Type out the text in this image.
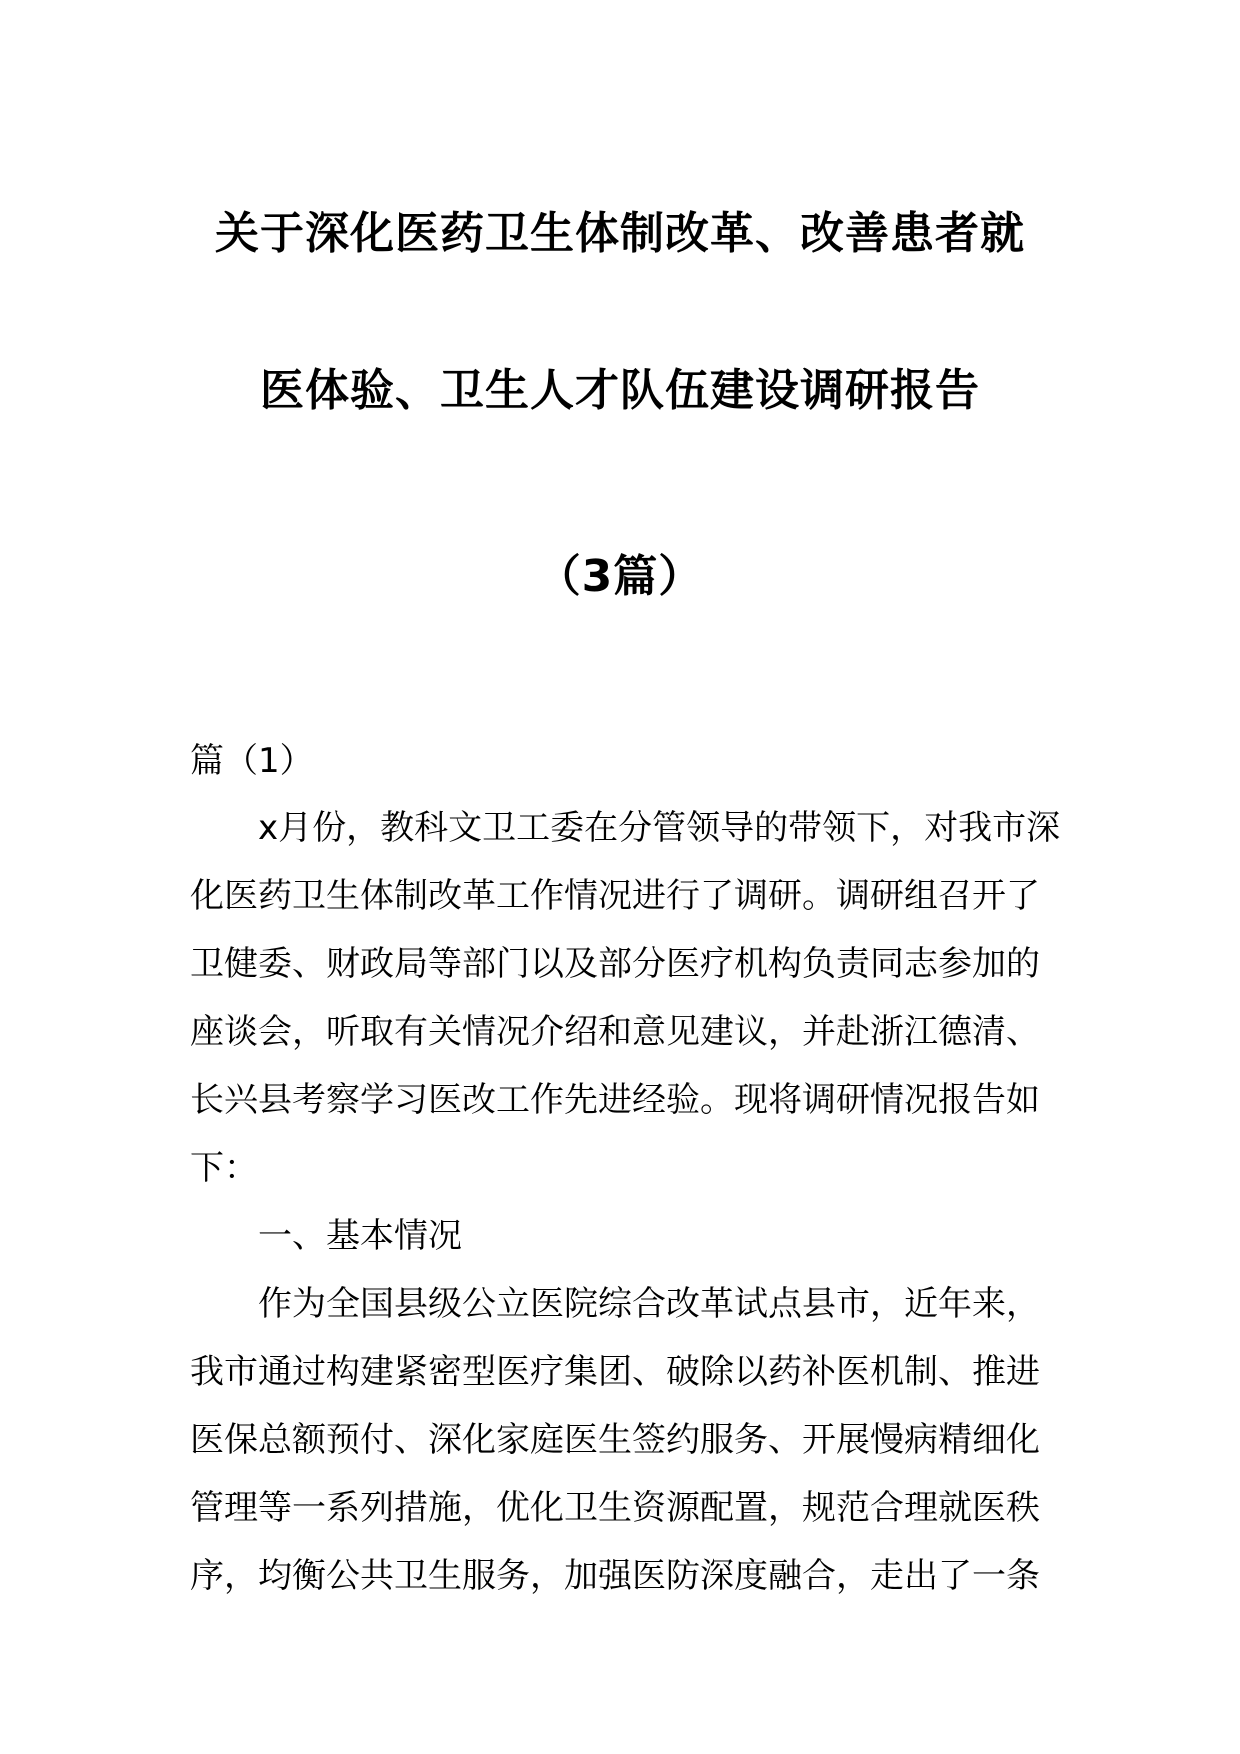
关于深化医药卫生体制改革、改善患者就
医体验、卫生人才队伍建设调研报告
（3篇）
篇（1）
x月份，教科文卫工委在分管领导的带领下，对我市深
化医药卫生体制改革工作情况进行了调研。调研组召开了
卫健委、财政局等部门以及部分医疗机构负责同志参加的
座谈会，听取有关情况介绍和意见建议，并赴浙江德清、
长兴县考察学习医改工作先进经验。现将调研情况报告如
下：
一、基本情况
作为全国县级公立医院综合改革试点县市，近年来，
我市通过构建紧密型医疗集团、破除以药补医机制、推进
医保总额预付、深化家庭医生签约服务、开展慢病精细化
管理等一系列措施，优化卫生资源配置，规范合理就医秩
序，均衡公共卫生服务，加强医防深度融合，走出了一条
